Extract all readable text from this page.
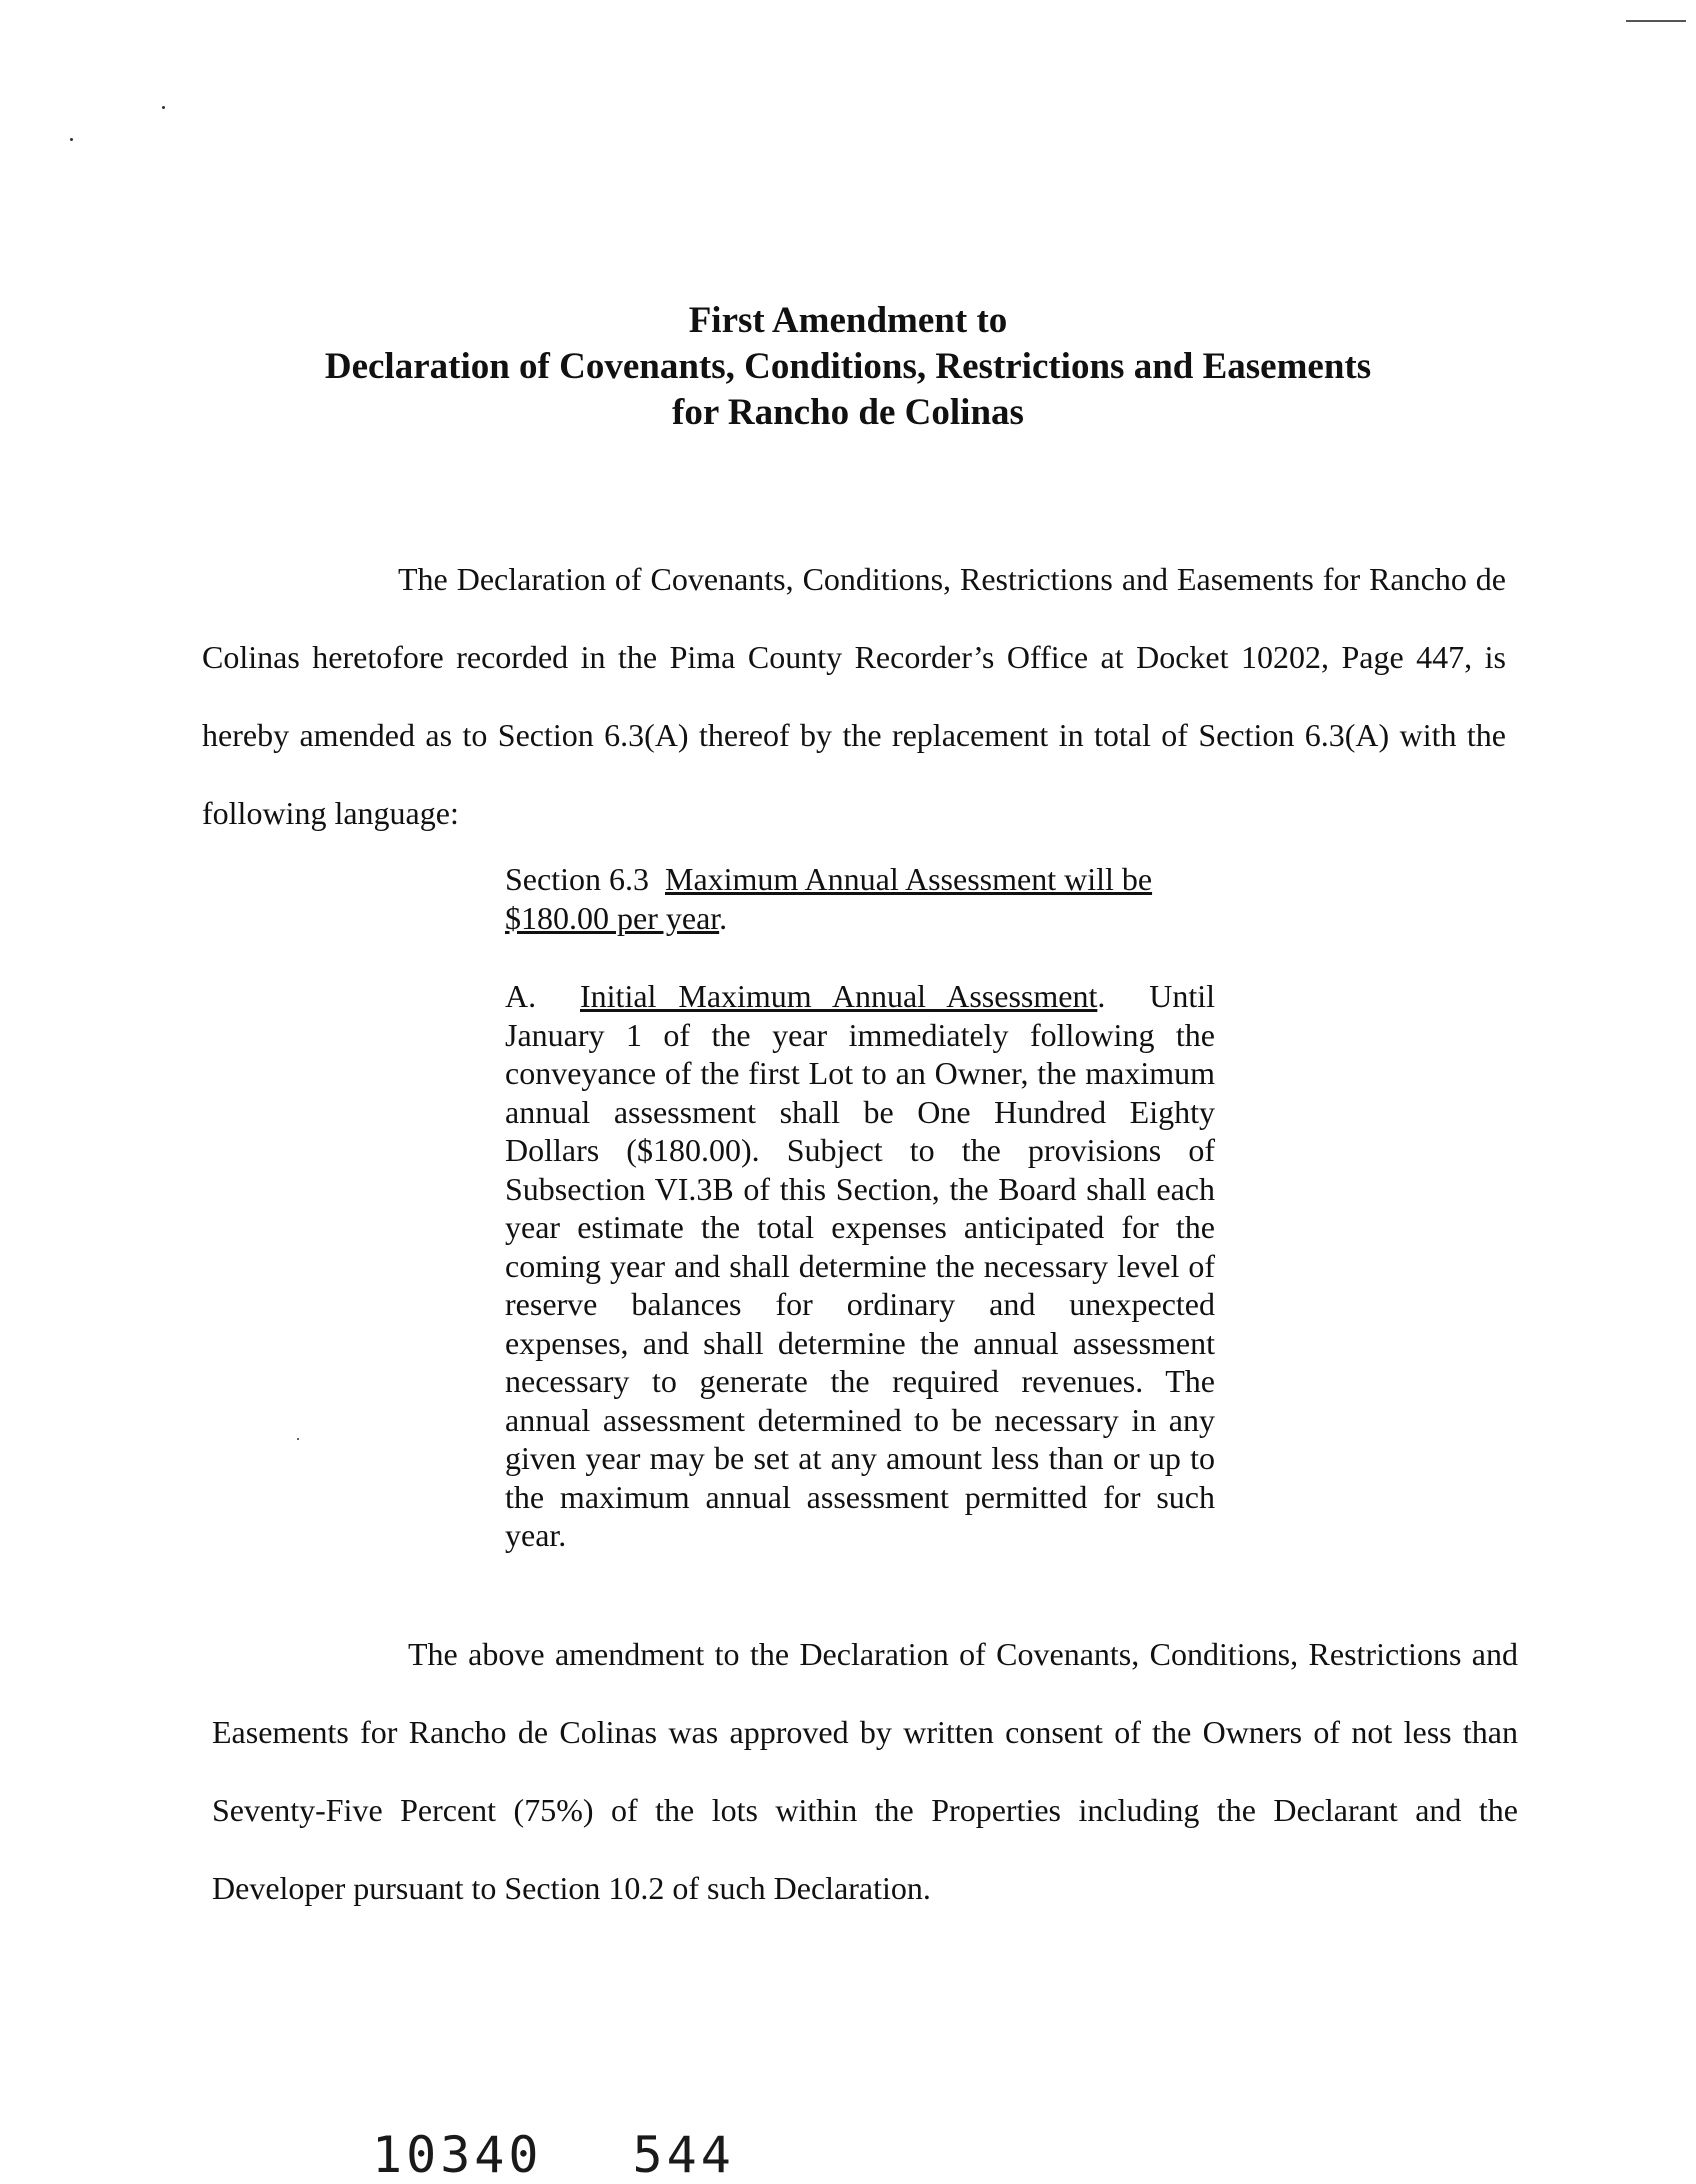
First Amendment to
Declaration of Covenants, Conditions, Restrictions and Easements
for Rancho de Colinas
The Declaration of Covenants, Conditions, Restrictions and Easements for Rancho de Colinas heretofore recorded in the Pima County Recorder’s Office at Docket 10202, Page 447, is hereby amended as to Section 6.3(A) thereof by the replacement in total of Section 6.3(A) with the following language:
Section 6.3 Maximum Annual Assessment will be $180.00 per year.
A. Initial Maximum Annual Assessment. Until January 1 of the year immediately following the conveyance of the first Lot to an Owner, the maximum annual assessment shall be One Hundred Eighty Dollars ($180.00). Subject to the provisions of Subsection VI.3B of this Section, the Board shall each year estimate the total expenses anticipated for the coming year and shall determine the necessary level of reserve balances for ordinary and unexpected expenses, and shall determine the annual assessment necessary to generate the required revenues. The annual assessment determined to be necessary in any given year may be set at any amount less than or up to the maximum annual assessment permitted for such year.
The above amendment to the Declaration of Covenants, Conditions, Restrictions and Easements for Rancho de Colinas was approved by written consent of the Owners of not less than Seventy-Five Percent (75%) of the lots within the Properties including the Declarant and the Developer pursuant to Section 10.2 of such Declaration.
10340 544
